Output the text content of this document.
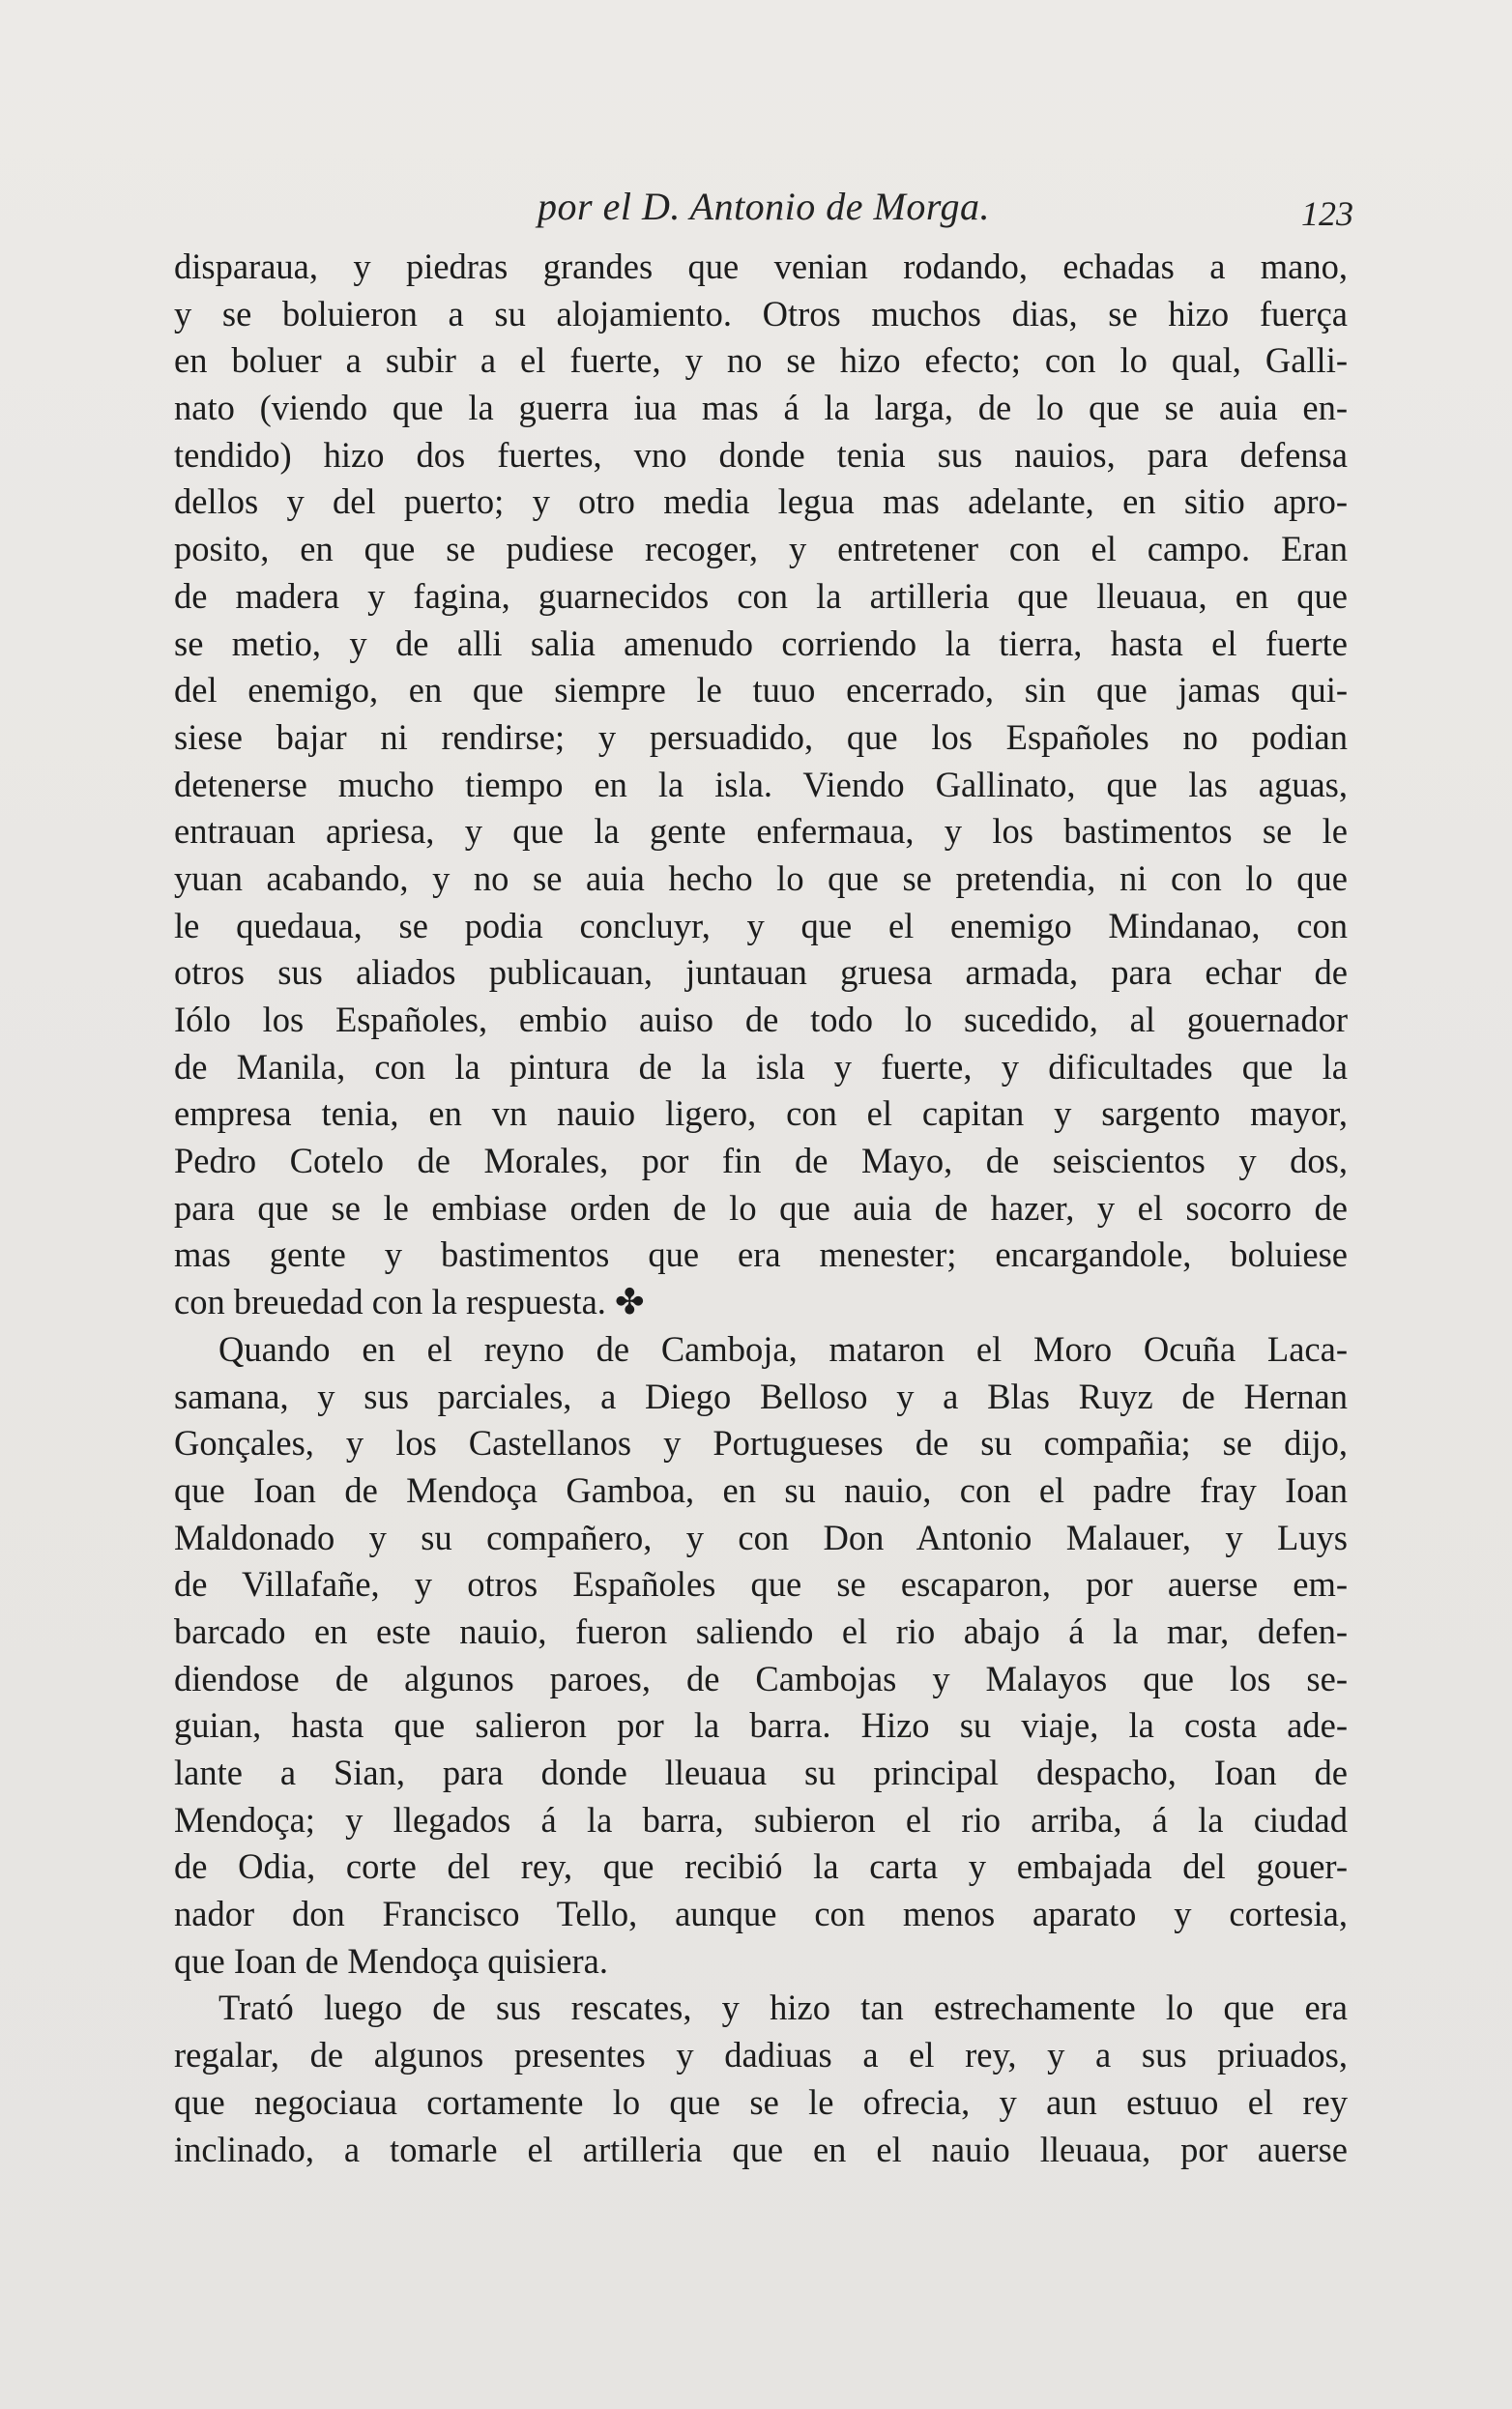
por el D. Antonio de Morga.	123
disparaua, y piedras grandes que venian rodando, echadas a mano,
y se boluieron a su alojamiento. Otros muchos dias, se hizo fuerça
en boluer a subir a el fuerte, y no se hizo efecto; con lo qual, Galli-
nato (viendo que la guerra iua mas á la larga, de lo que se auia en-
tendido) hizo dos fuertes, vno donde tenia sus nauios, para defensa
dellos y del puerto; y otro media legua mas adelante, en sitio apro-
posito, en que se pudiese recoger, y entretener con el campo. Eran
de madera y fagina, guarnecidos con la artilleria que lleuaua, en que
se metio, y de alli salia amenudo corriendo la tierra, hasta el fuerte
del enemigo, en que siempre le tuuo encerrado, sin que jamas qui-
siese bajar ni rendirse; y persuadido, que los Españoles no podian
detenerse mucho tiempo en la isla. Viendo Gallinato, que las aguas,
entrauan apriesa, y que la gente enfermaua, y los bastimentos se le
yuan acabando, y no se auia hecho lo que se pretendia, ni con lo que
le quedaua, se podia concluyr, y que el enemigo Mindanao, con
otros sus aliados publicauan, juntauan gruesa armada, para echar de
Iólo los Españoles, embio auiso de todo lo sucedido, al gouernador
de Manila, con la pintura de la isla y fuerte, y dificultades que la
empresa tenia, en vn nauio ligero, con el capitan y sargento mayor,
Pedro Cotelo de Morales, por fin de Mayo, de seiscientos y dos,
para que se le embiase orden de lo que auia de hazer, y el socorro de
mas gente y bastimentos que era menester; encargandole, boluiese
con breuedad con la respuesta. ✤
Quando en el reyno de Camboja, mataron el Moro Ocuña Laca-
samana, y sus parciales, a Diego Belloso y a Blas Ruyz de Hernan
Gonçales, y los Castellanos y Portugueses de su compañia; se dijo,
que Ioan de Mendoça Gamboa, en su nauio, con el padre fray Ioan
Maldonado y su compañero, y con Don Antonio Malauer, y Luys
de Villafañe, y otros Españoles que se escaparon, por auerse em-
barcado en este nauio, fueron saliendo el rio abajo á la mar, defen-
diendose de algunos paroes, de Cambojas y Malayos que los se-
guian, hasta que salieron por la barra. Hizo su viaje, la costa ade-
lante a Sian, para donde lleuaua su principal despacho, Ioan de
Mendoça; y llegados á la barra, subieron el rio arriba, á la ciudad
de Odia, corte del rey, que recibió la carta y embajada del gouer-
nador don Francisco Tello, aunque con menos aparato y cortesia,
que Ioan de Mendoça quisiera.
Trató luego de sus rescates, y hizo tan estrechamente lo que era
regalar, de algunos presentes y dadiuas a el rey, y a sus priuados,
que negociaua cortamente lo que se le ofrecia, y aun estuuo el rey
inclinado, a tomarle el artilleria que en el nauio lleuaua, por auerse
